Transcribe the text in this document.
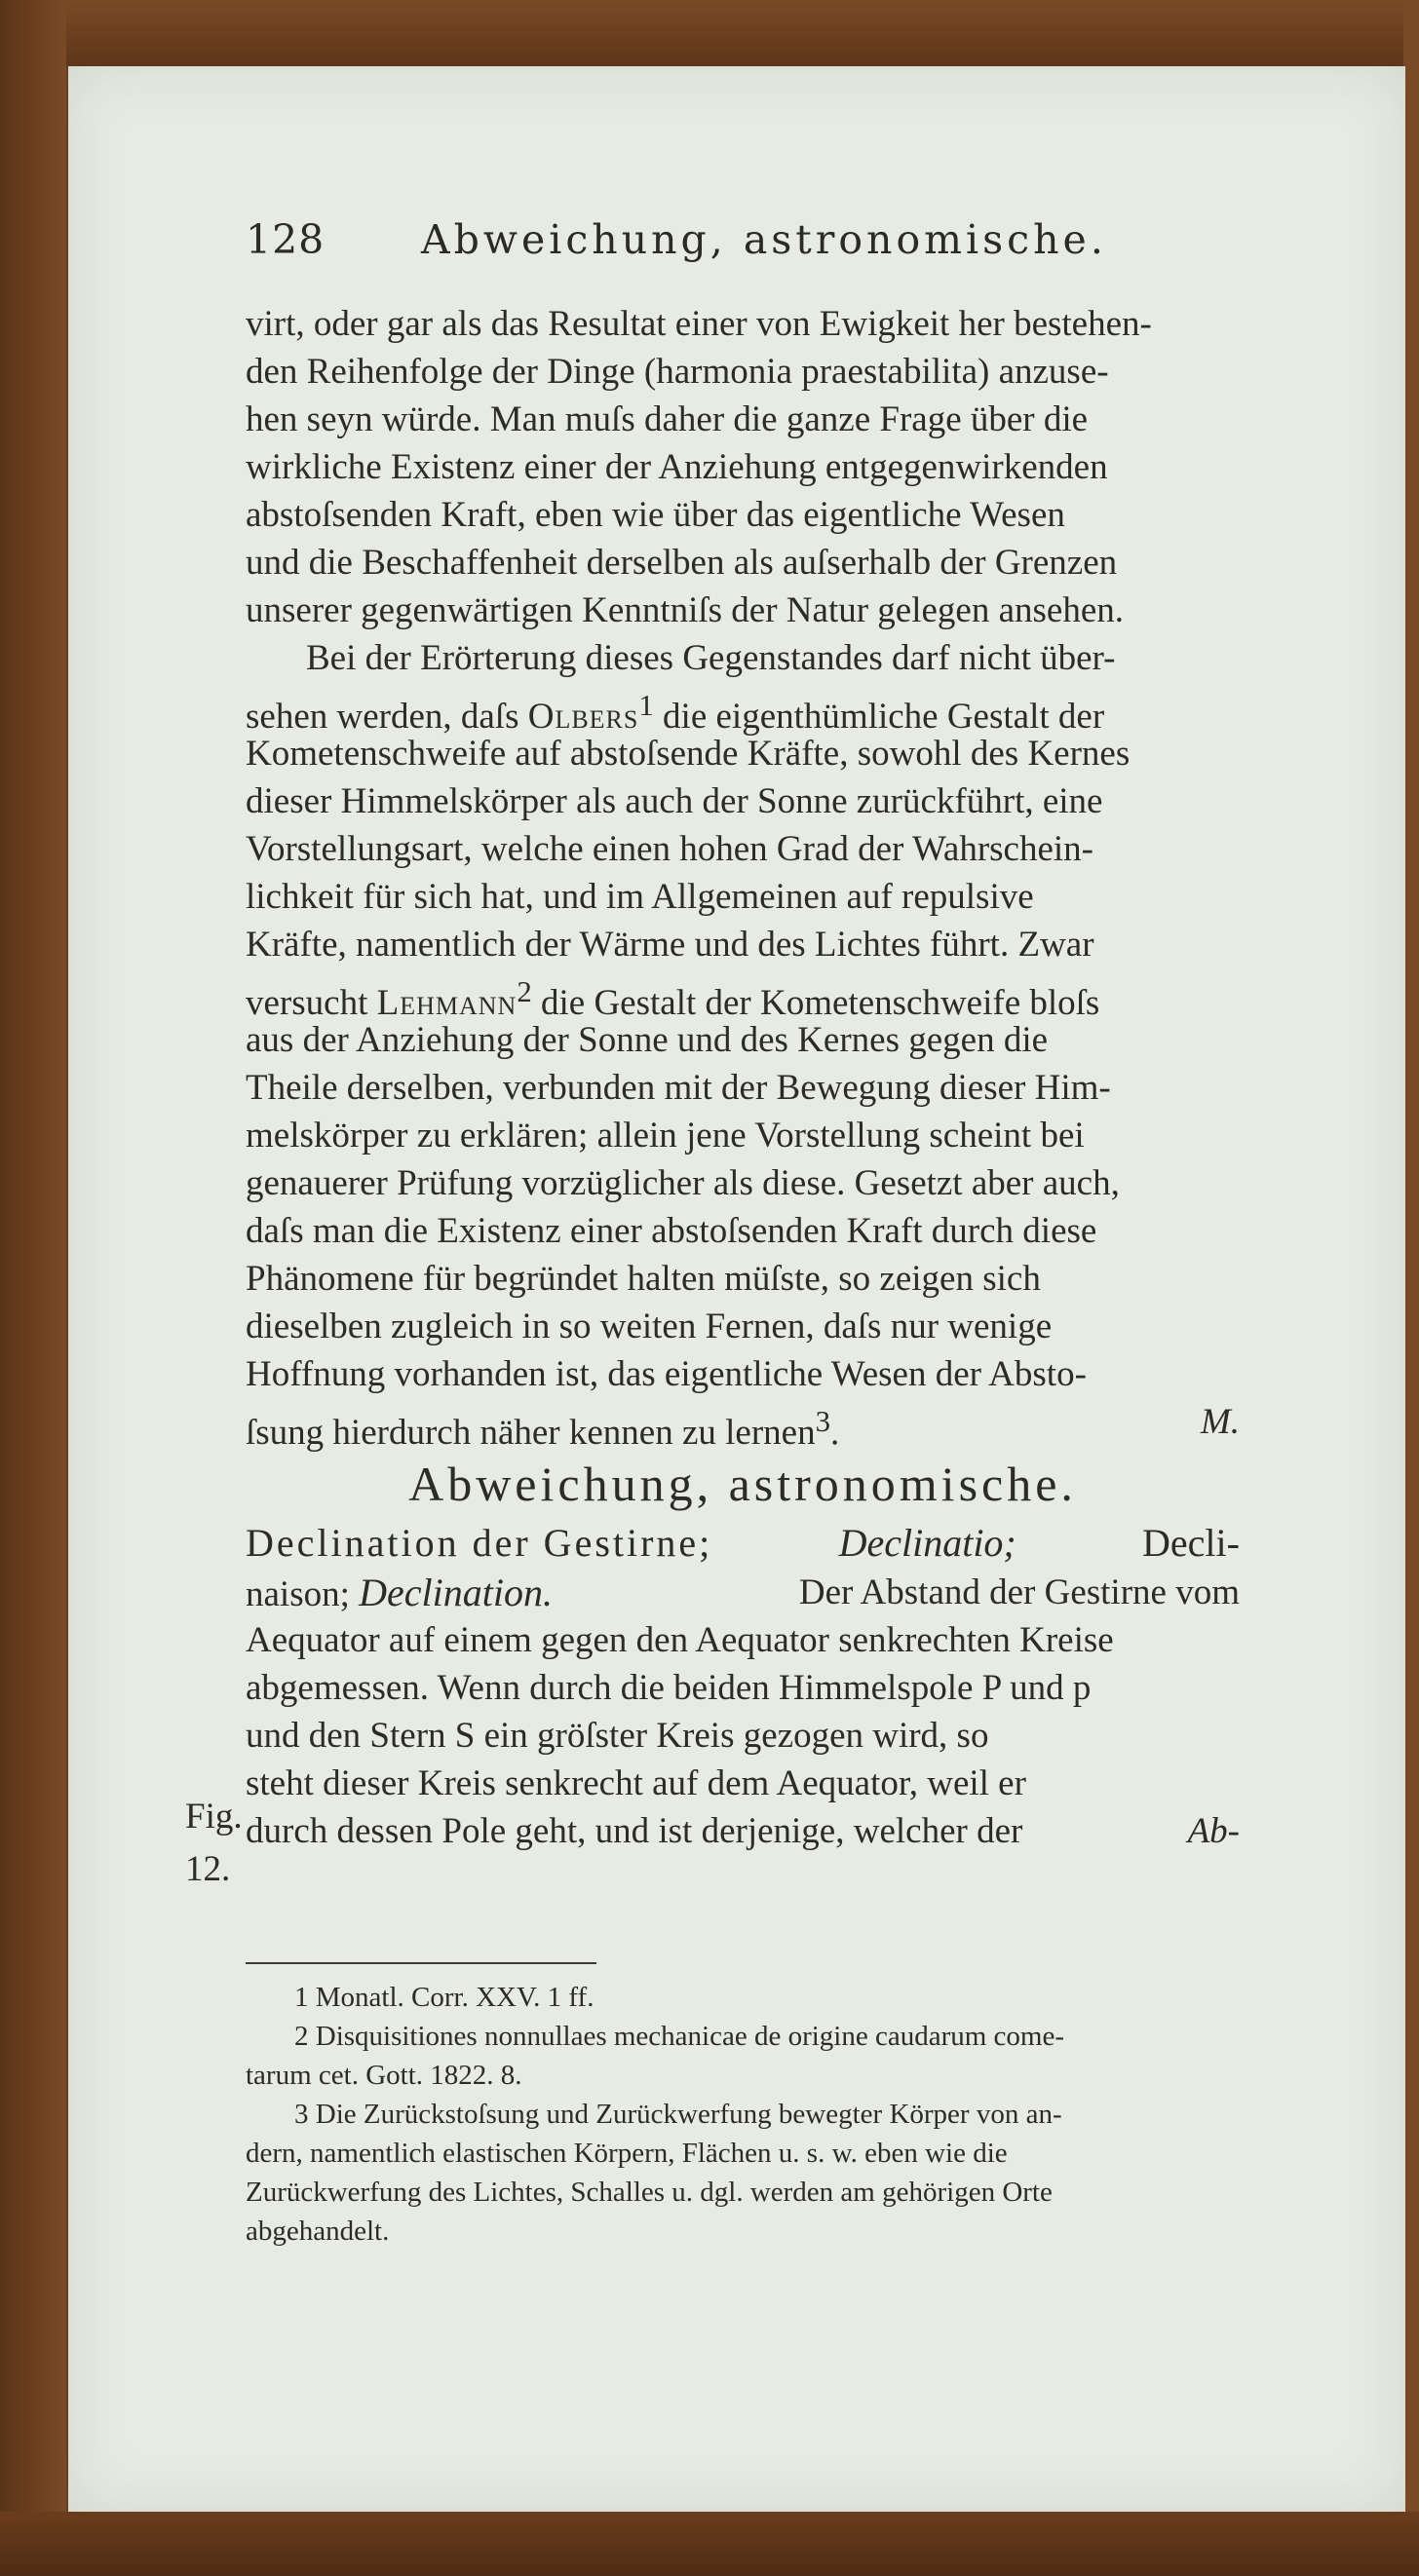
128 Abweichung, astronomische.
virt, oder gar als das Resultat einer von Ewigkeit her bestehen-
den Reihenfolge der Dinge (harmonia praestabilita) anzuse-
hen seyn würde. Man muſs daher die ganze Frage über die
wirkliche Existenz einer der Anziehung entgegenwirkenden
abstoſsenden Kraft, eben wie über das eigentliche Wesen
und die Beschaffenheit derselben als auſserhalb der Grenzen
unserer gegenwärtigen Kenntniſs der Natur gelegen ansehen.
Bei der Erörterung dieses Gegenstandes darf nicht über-
sehen werden, daſs Olbers$^1$ die eigenthümliche Gestalt der
Kometenschweife auf abstoſsende Kräfte, sowohl des Kernes
dieser Himmelskörper als auch der Sonne zurückführt, eine
Vorstellungsart, welche einen hohen Grad der Wahrschein-
lichkeit für sich hat, und im Allgemeinen auf repulsive
Kräfte, namentlich der Wärme und des Lichtes führt. Zwar
versucht Lehmann$^2$ die Gestalt der Kometenschweife bloſs
aus der Anziehung der Sonne und des Kernes gegen die
Theile derselben, verbunden mit der Bewegung dieser Him-
melskörper zu erklären; allein jene Vorstellung scheint bei
genauerer Prüfung vorzüglicher als diese. Gesetzt aber auch,
daſs man die Existenz einer abstoſsenden Kraft durch diese
Phänomene für begründet halten müſste, so zeigen sich
dieselben zugleich in so weiten Fernen, daſs nur wenige
Hoffnung vorhanden ist, das eigentliche Wesen der Absto-
ſsung hierdurch näher kennen zu lernen$^3$.	M.
Abweichung, astronomische.
Declination der Gestirne;	Declinatio;	Decli-
naison; Declination.	Der Abstand der Gestirne vom
Aequator auf einem gegen den Aequator senkrechten Kreise
abgemessen. Wenn durch die beiden Himmelspole P und p
und den Stern S ein gröſster Kreis gezogen wird, so
steht dieser Kreis senkrecht auf dem Aequator, weil er
durch dessen Pole geht, und ist derjenige, welcher der	Ab-
Fig.
12.
1 Monatl. Corr. XXV. 1 ff.
2 Disquisitiones nonnullaes mechanicae de origine caudarum come-
tarum cet. Gott. 1822. 8.
3 Die Zurückstoſsung und Zurückwerfung bewegter Körper von an-
dern, namentlich elastischen Körpern, Flächen u. s. w. eben wie die
Zurückwerfung des Lichtes, Schalles u. dgl. werden am gehörigen Orte
abgehandelt.
